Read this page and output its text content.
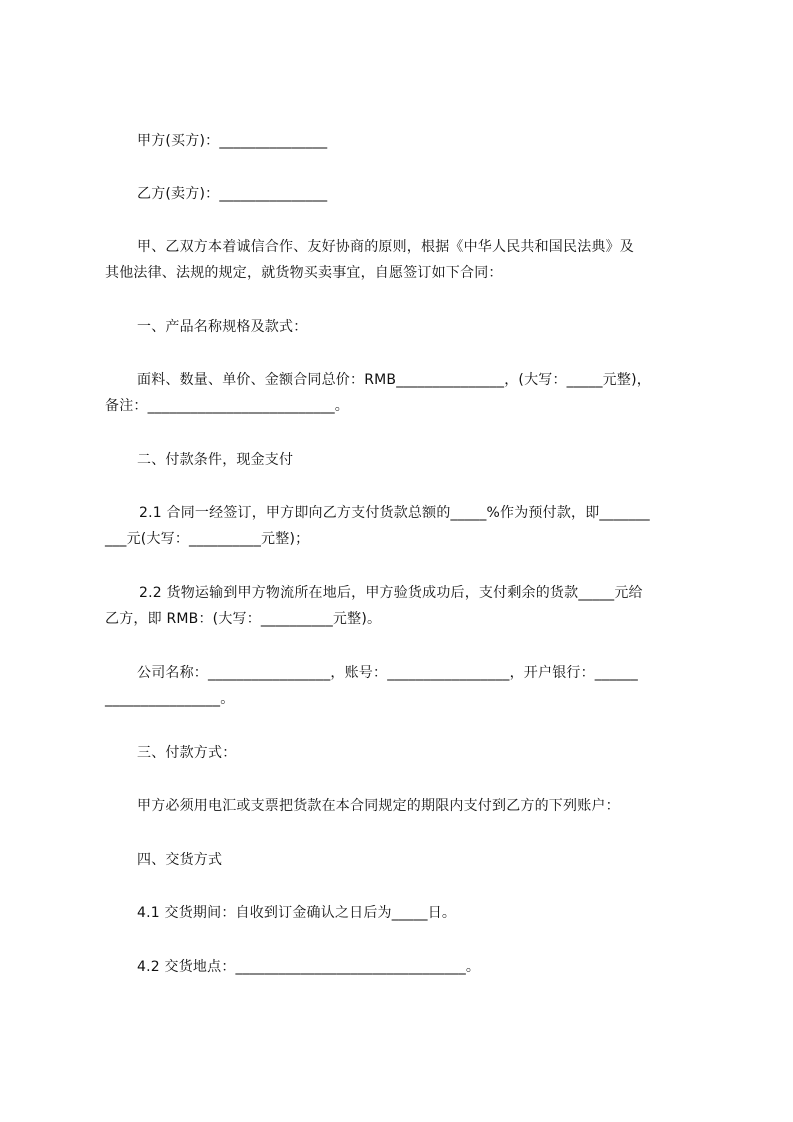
甲方(买方)：_______________
乙方(卖方)：_______________
甲、乙双方本着诚信合作、友好协商的原则，根据《中华人民共和国民法典》及
其他法律、法规的规定，就货物买卖事宜，自愿签订如下合同：
一、产品名称规格及款式：
面料、数量、单价、金额合同总价：RMB_______________，(大写：_____元整)，
备注：__________________________。
二、付款条件，现金支付
2.1 合同一经签订，甲方即向乙方支付货款总额的_____%作为预付款，即_______
___元(大写：__________元整)；
2.2 货物运输到甲方物流所在地后，甲方验货成功后，支付剩余的货款_____元给
乙方，即 RMB：(大写：__________元整)。
公司名称：_________________，账号：_________________，开户银行：______
________________。
三、付款方式：
甲方必须用电汇或支票把货款在本合同规定的期限内支付到乙方的下列账户：
四、交货方式
4.1 交货期间：自收到订金确认之日后为_____日。
4.2 交货地点：________________________________。
